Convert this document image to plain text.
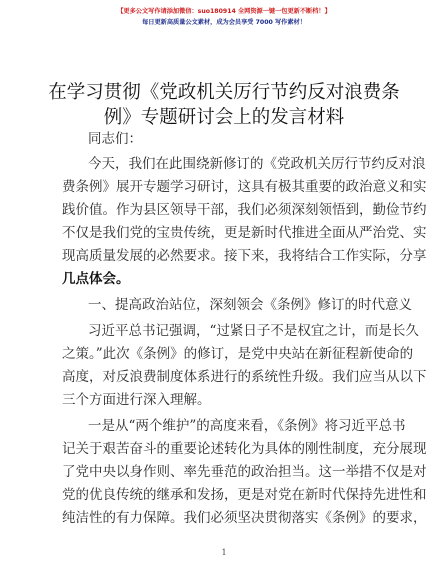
【更多公文写作请添加微信：suo180914 全网资源一键一包更新不断档！】
每日更新高质量公文素材，成为会员享受 7000 写作素材！
在学习贯彻《党政机关厉行节约反对浪费条
例》专题研讨会上的发言材料
同志们：
今天，我们在此围绕新修订的《党政机关厉行节约反对浪
费条例》展开专题学习研讨，这具有极其重要的政治意义和实
践价值。作为县区领导干部，我们必须深刻领悟到，勤俭节约
不仅是我们党的宝贵传统，更是新时代推进全面从严治党、实
现高质量发展的必然要求。接下来，我将结合工作实际，分享
几点体会。
一、提高政治站位，深刻领会《条例》修订的时代意义
习近平总书记强调，“过紧日子不是权宜之计，而是长久
之策。”此次《条例》的修订，是党中央站在新征程新使命的
高度，对反浪费制度体系进行的系统性升级。我们应当从以下
三个方面进行深入理解。
一是从“两个维护”的高度来看，《条例》将习近平总书
记关于艰苦奋斗的重要论述转化为具体的刚性制度，充分展现
了党中央以身作则、率先垂范的政治担当。这一举措不仅是对
党的优良传统的继承和发扬，更是对党在新时代保持先进性和
纯洁性的有力保障。我们必须坚决贯彻落实《条例》的要求，
1
